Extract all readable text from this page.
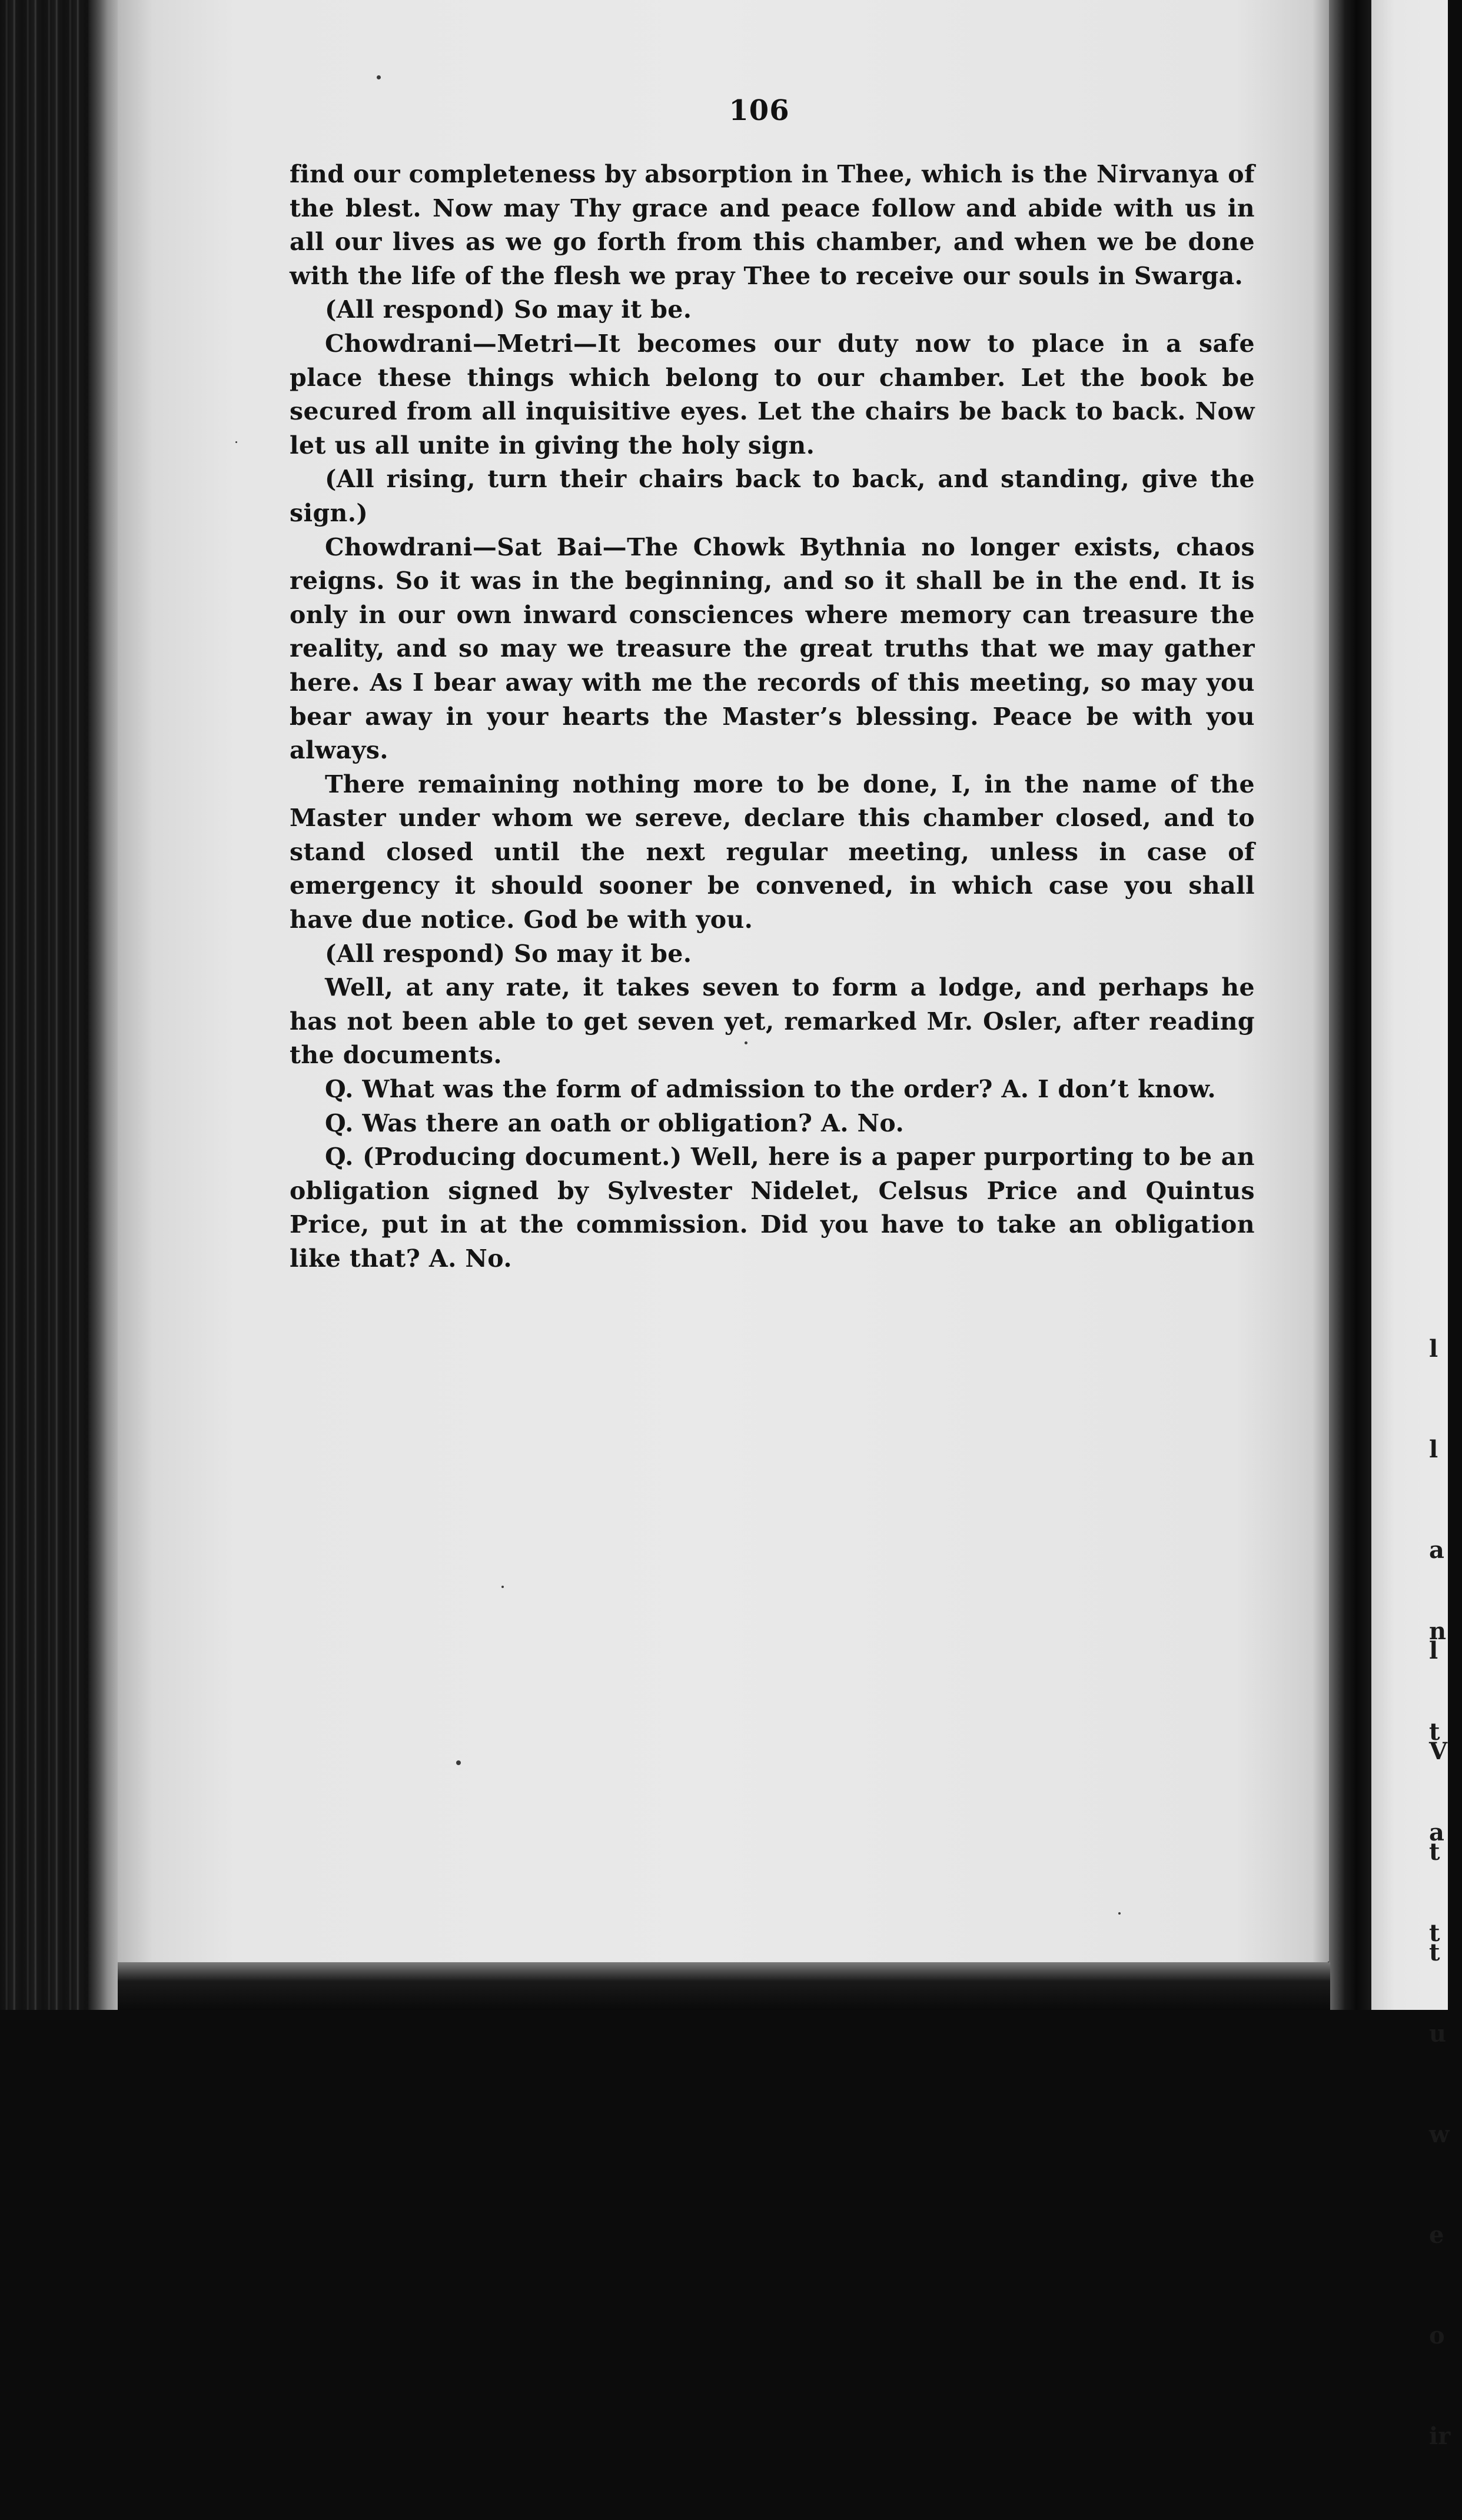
106

find our completeness by absorption in Thee, which is the Nirvanya of the blest. Now may Thy grace and peace follow and abide with us in all our lives as we go forth from this chamber, and when we be done with the life of the flesh we pray Thee to receive our souls in Swarga.

(All respond) So may it be.

Chowdrani—Metri—It becomes our duty now to place in a safe place these things which belong to our chamber. Let the book be secured from all inquisitive eyes. Let the chairs be back to back. Now let us all unite in giving the holy sign.

(All rising, turn their chairs back to back, and standing, give the sign.)

Chowdrani—Sat Bai—The Chowk Bythnia no longer exists, chaos reigns. So it was in the beginning, and so it shall be in the end. It is only in our own inward consciences where memory can treasure the reality, and so may we treasure the great truths that we may gather here. As I bear away with me the records of this meeting, so may you bear away in your hearts the Master’s blessing. Peace be with you always.

There remaining nothing more to be done, I, in the name of the Master under whom we sereve, declare this chamber closed, and to stand closed until the next regular meeting, unless in case of emergency it should sooner be convened, in which case you shall have due notice. God be with you.

(All respond) So may it be.

Well, at any rate, it takes seven to form a lodge, and perhaps he has not been able to get seven yet, remarked Mr. Osler, after reading the documents.

Q. What was the form of admission to the order? A. I don’t know.

Q. Was there an oath or obligation? A. No.

Q. (Producing document.) Well, here is a paper purporting to be an obligation signed by Sylvester Nidelet, Celsus Price and Quintus Price, put in at the commission. Did you have to take an obligation like that? A. No.

l

l

a

l

V

t

t

n

t

a

t

u

w

e

o

ir
